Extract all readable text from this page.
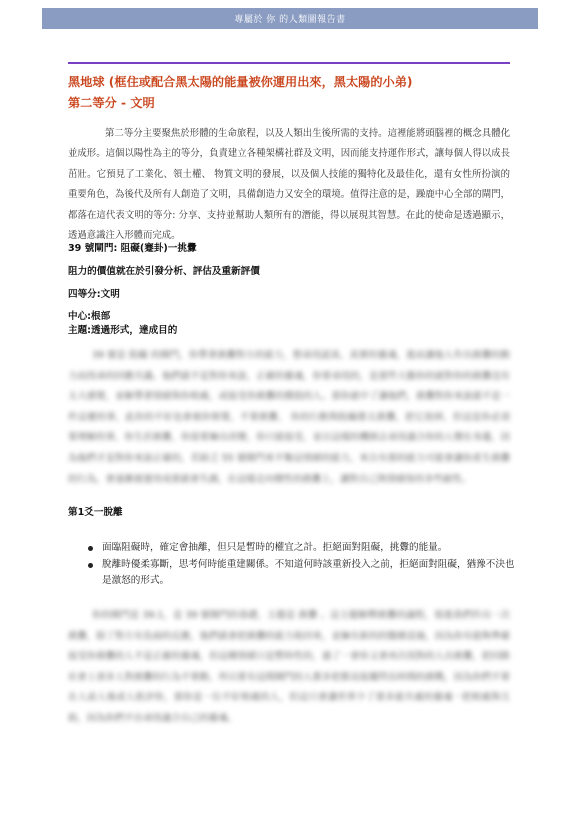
專屬於 你 的人類圖報告書
黑地球 (框住或配合黑太陽的能量被你運用出來，黑太陽的小弟)
第二等分 - 文明
第二等分主要聚焦於形體的生命旅程，以及人類出生後所需的支持。這裡能將頭腦裡的概念具體化並成形。這個以陽性為主的等分，負責建立各種架構社群及文明，因而能支持運作形式，讓每個人得以成長茁壯。它預見了工業化、領土權、 物質文明的發展，以及個人技能的獨特化及最佳化，還有女性所扮演的重要角色，為後代及所有人創造了文明，具備創造力又安全的環境。值得注意的是，躁鹿中心全部的閘門，都落在這代表文明的等分: 分享、支持並幫助人類所有的潛能，得以展現其智慧。在此的使命是透過顯示，透過意識注入形體而完成。
39 號閘門: 阻礙(蹇卦)一挑釁
阻力的價值就在於引發分析、評估及重新評價
四等分:文明
中心:根部
主題:透過形式，達成目的
39 號是 阻礙 的閘門，你帶著挑釁對方的能力，想尋找認真、真實的靈魂，進而讓他人作出挑釁的動力而找尋的回應共識。他們就不是對你來說，正確的靈魂，你要尋找的，是那些大膽你的就對你的挑釁沒有太大感覺，並解帶著情緒與你相處，或接受你挑釁的價值的人。那你就中了讓他們，挑釁對你來說就不是一件這麼的事，此你的不好也會被你察覺，不要挑釁， 你的行動與阻礙都太挑釁，把它放掉，但這是你必須要理解的事，你生於挑釁，你需要擁出改變，你只能接受，並以這樣的機制去尋找適合你的人變在身邊，因為他們才是對你來說正確的，若缺乏 55 號閘門來平衡這情緒的能力，來自有那的能力可能會讓你產生挑釁的行為，會逐漸被運用成那就會失調，在這樣走向變性的挑釁上，讓對自己與情緒保持多些耐性。
第1爻一脫離
面臨阻礙時，確定會抽離，但只是暫時的權宜之計。拒絕面對阻礙，挑釁的能量。
脫離時優柔寡斷，思考何時能重建關係。不知道何時該重新投入之前，拒絕面對阻礙，猶豫不決也是激怒的形式。
你的閘門是 39.1，是 39 號閘門的基礎，主題是 挑釁 。這主題解釋挑釁的議程，寫進我們作出一次挑釁，除了對方有負面的反應，他們就會把挑釁的能力收回來，並擁有新的的醫療設施，因為你有能夠準確接受你挑釁的人不是正確的靈魂，但這種情緒只是暫時性的，過了一會你又會再次找對的人出挑釁，把回路社會上部多人對挑釁的行為不要動，所以要有這間閘門的人都多把都直接擺閃長時間的挑戰，因為你們不要在人前人後或人批評你，那你是一位不好相處的人，但這只會讓世界少了那多能共處的靈魂一把相處與互助，因為你們不出尋找適合自己的靈魂。
